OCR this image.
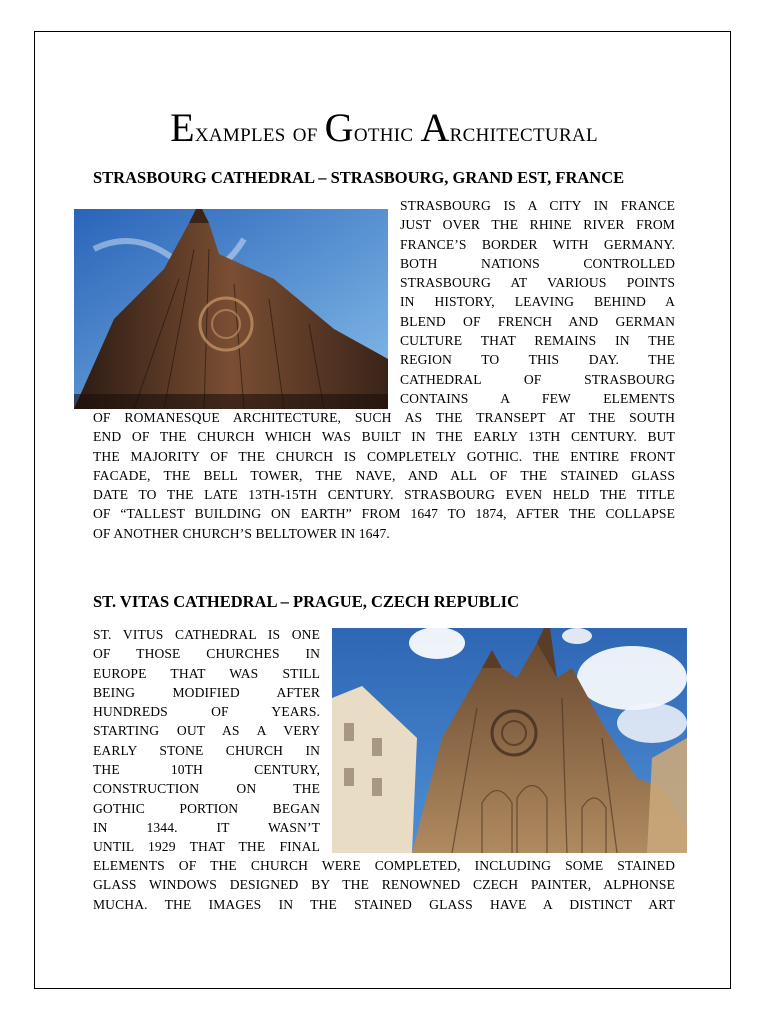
Examples of Gothic Architectural
STRASBOURG CATHEDRAL – STRASBOURG, GRAND EST, FRANCE
STRASBOURG IS A CITY IN FRANCE
JUST OVER THE RHINE RIVER FROM
FRANCE’S BORDER WITH GERMANY.
BOTH NATIONS CONTROLLED
STRASBOURG AT VARIOUS POINTS
IN HISTORY, LEAVING BEHIND A
BLEND OF FRENCH AND GERMAN
CULTURE THAT REMAINS IN THE
REGION TO THIS DAY. THE
CATHEDRAL OF STRASBOURG
CONTAINS A FEW ELEMENTS
OF ROMANESQUE ARCHITECTURE, SUCH AS THE TRANSEPT AT THE SOUTH
END OF THE CHURCH WHICH WAS BUILT IN THE EARLY 13TH CENTURY. BUT
THE MAJORITY OF THE CHURCH IS COMPLETELY GOTHIC. THE ENTIRE FRONT
FACADE, THE BELL TOWER, THE NAVE, AND ALL OF THE STAINED GLASS
DATE TO THE LATE 13TH-15TH CENTURY. STRASBOURG EVEN HELD THE TITLE
OF “TALLEST BUILDING ON EARTH” FROM 1647 TO 1874, AFTER THE COLLAPSE
OF ANOTHER CHURCH’S BELLTOWER IN 1647.
ST. VITAS CATHEDRAL – PRAGUE, CZECH REPUBLIC
ST. VITUS CATHEDRAL IS ONE
OF THOSE CHURCHES IN
EUROPE THAT WAS STILL
BEING MODIFIED AFTER
HUNDREDS OF YEARS.
STARTING OUT AS A VERY
EARLY STONE CHURCH IN
THE 10TH CENTURY,
CONSTRUCTION ON THE
GOTHIC PORTION BEGAN
IN 1344. IT WASN’T
UNTIL 1929 THAT THE FINAL
ELEMENTS OF THE CHURCH WERE COMPLETED, INCLUDING SOME STAINED
GLASS WINDOWS DESIGNED BY THE RENOWNED CZECH PAINTER, ALPHONSE
MUCHA. THE IMAGES IN THE STAINED GLASS HAVE A DISTINCT ART
